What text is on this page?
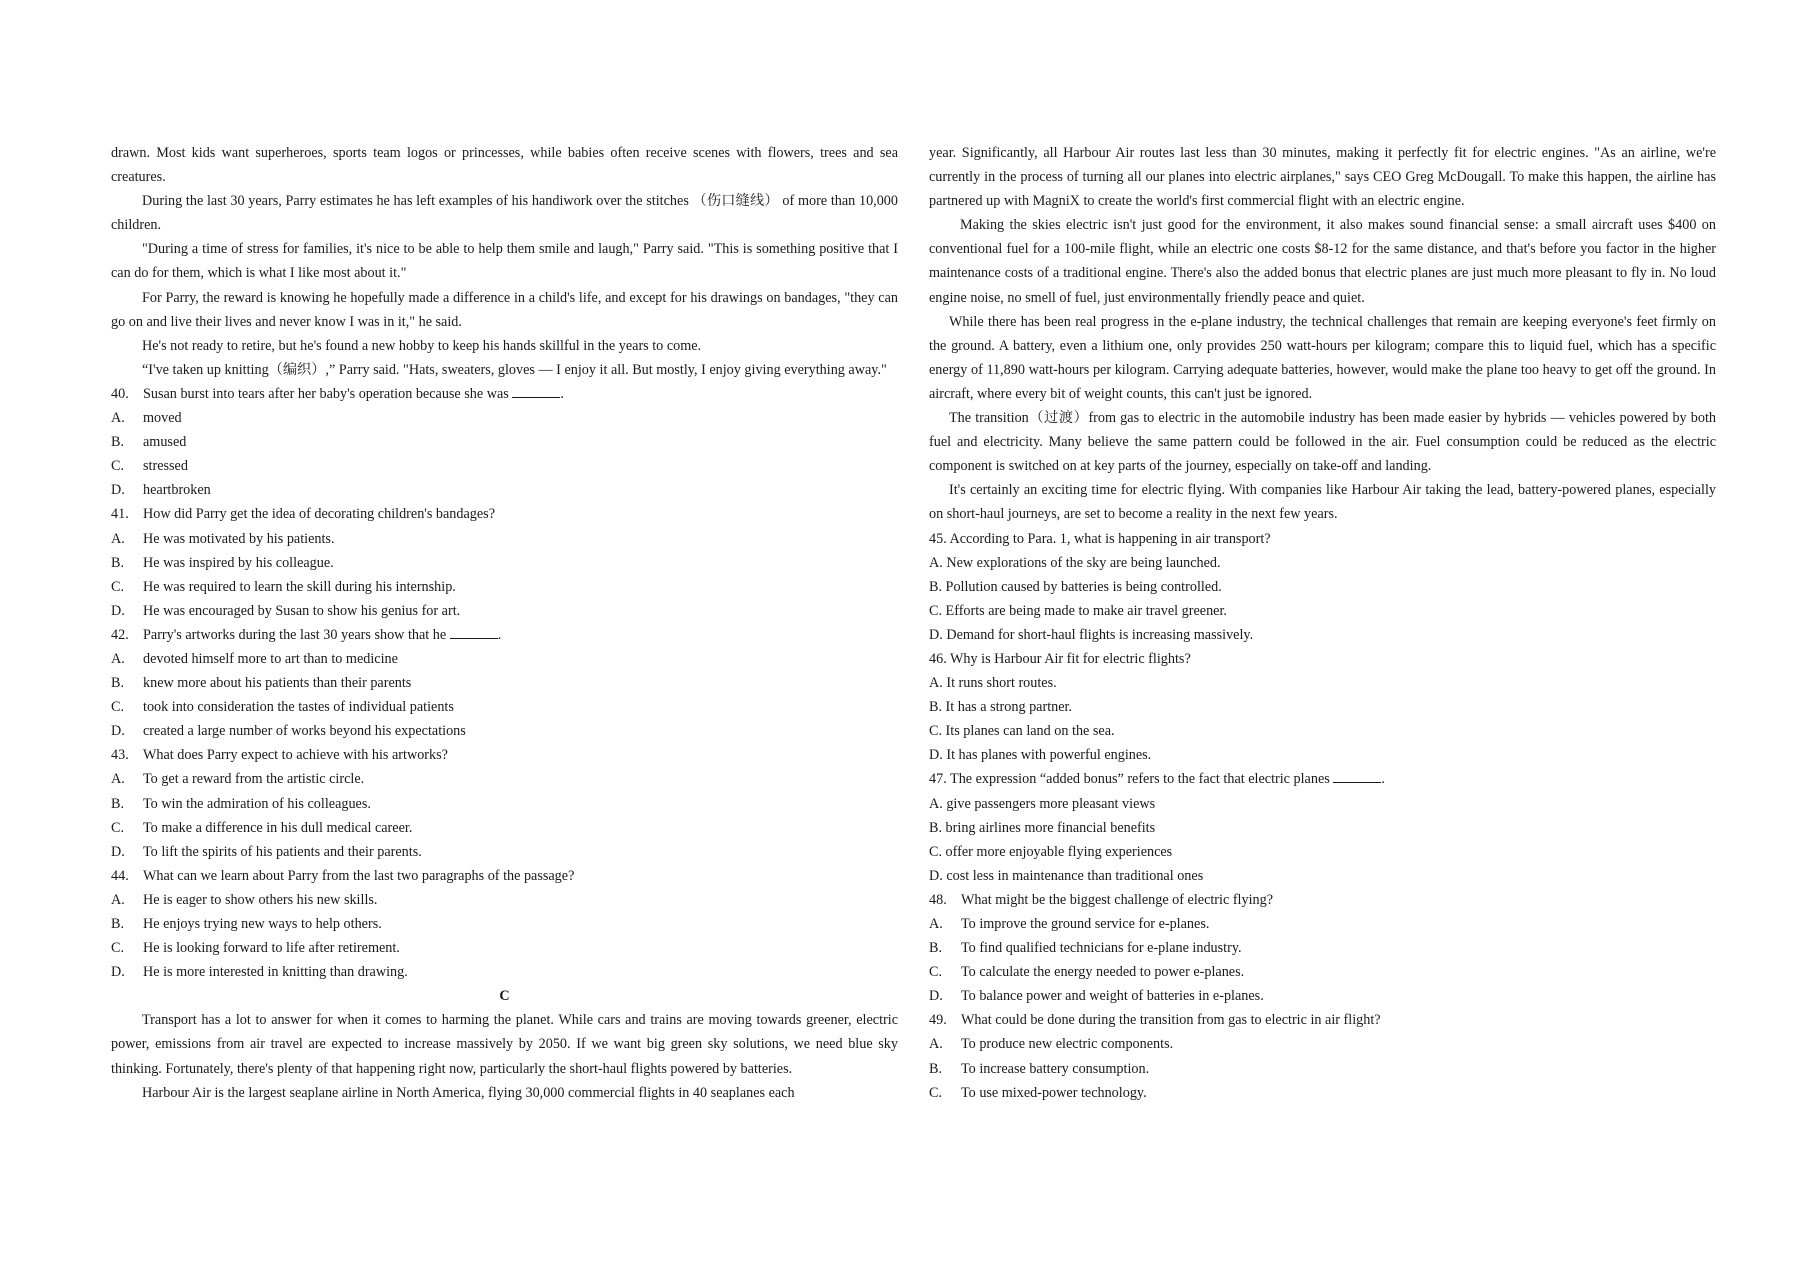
drawn. Most kids want superheroes, sports team logos or princesses, while babies often receive scenes with flowers, trees and sea creatures.

During the last 30 years, Parry estimates he has left examples of his handiwork over the stitches （伤口缝线） of more than 10,000 children.

"During a time of stress for families, it's nice to be able to help them smile and laugh," Parry said. "This is something positive that I can do for them, which is what I like most about it."

For Parry, the reward is knowing he hopefully made a difference in a child's life, and except for his drawings on bandages, "they can go on and live their lives and never know I was in it," he said.

He's not ready to retire, but he's found a new hobby to keep his hands skillful in the years to come.

“I've taken up knitting（编织）,” Parry said. "Hats, sweaters, gloves — I enjoy it all. But mostly, I enjoy giving everything away."

40. Susan burst into tears after her baby's operation because she was	.

A. moved

B. amused

C. stressed

D. heartbroken

41. How did Parry get the idea of decorating children's bandages?

A. He was motivated by his patients.

B. He was inspired by his colleague.

C. He was required to learn the skill during his internship.

D. He was encouraged by Susan to show his genius for art.

42. Parry's artworks during the last 30 years show that he	.

A. devoted himself more to art than to medicine

B. knew more about his patients than their parents

C. took into consideration the tastes of individual patients

D. created a large number of works beyond his expectations

43. What does Parry expect to achieve with his artworks?

A. To get a reward from the artistic circle.

B. To win the admiration of his colleagues.

C. To make a difference in his dull medical career.

D. To lift the spirits of his patients and their parents.

44. What can we learn about Parry from the last two paragraphs of the passage?

A. He is eager to show others his new skills.

B. He enjoys trying new ways to help others.

C. He is looking forward to life after retirement.

D. He is more interested in knitting than drawing.

C

Transport has a lot to answer for when it comes to harming the planet. While cars and trains are moving towards greener, electric power, emissions from air travel are expected to increase massively by 2050. If we want big green sky solutions, we need blue sky thinking. Fortunately, there's plenty of that happening right now, particularly the short-haul flights powered by batteries.

Harbour Air is the largest seaplane airline in North America, flying 30,000 commercial flights in 40 seaplanes each

year. Significantly, all Harbour Air routes last less than 30 minutes, making it perfectly fit for electric engines. "As an airline, we're currently in the process of turning all our planes into electric airplanes," says CEO Greg McDougall. To make this happen, the airline has partnered up with MagniX to create the world's first commercial flight with an electric engine.

Making the skies electric isn't just good for the environment, it also makes sound financial sense: a small aircraft uses $400 on conventional fuel for a 100-mile flight, while an electric one costs $8-12 for the same distance, and that's before you factor in the higher maintenance costs of a traditional engine. There's also the added bonus that electric planes are just much more pleasant to fly in. No loud engine noise, no smell of fuel, just environmentally friendly peace and quiet.

While there has been real progress in the e-plane industry, the technical challenges that remain are keeping everyone's feet firmly on the ground. A battery, even a lithium one, only provides 250 watt-hours per kilogram; compare this to liquid fuel, which has a specific energy of 11,890 watt-hours per kilogram. Carrying adequate batteries, however, would make the plane too heavy to get off the ground. In aircraft, where every bit of weight counts, this can't just be ignored.

The transition（过渡）from gas to electric in the automobile industry has been made easier by hybrids — vehicles powered by both fuel and electricity. Many believe the same pattern could be followed in the air. Fuel consumption could be reduced as the electric component is switched on at key parts of the journey, especially on take-off and landing.

It's certainly an exciting time for electric flying. With companies like Harbour Air taking the lead, battery-powered planes, especially on short-haul journeys, are set to become a reality in the next few years.

45. According to Para. 1, what is happening in air transport?

A. New explorations of the sky are being launched.

B. Pollution caused by batteries is being controlled.

C. Efforts are being made to make air travel greener.

D. Demand for short-haul flights is increasing massively.

46. Why is Harbour Air fit for electric flights?

A. It runs short routes.

B. It has a strong partner.

C. Its planes can land on the sea.

D. It has planes with powerful engines.

47. The expression “added bonus” refers to the fact that electric planes	.

A. give passengers more pleasant views

B. bring airlines more financial benefits

C. offer more enjoyable flying experiences

D. cost less in maintenance than traditional ones

48. What might be the biggest challenge of electric flying?

A. To improve the ground service for e-planes.

B. To find qualified technicians for e-plane industry.

C. To calculate the energy needed to power e-planes.

D. To balance power and weight of batteries in e-planes.

49. What could be done during the transition from gas to electric in air flight?

A. To produce new electric components.

B. To increase battery consumption.

C. To use mixed-power technology.
